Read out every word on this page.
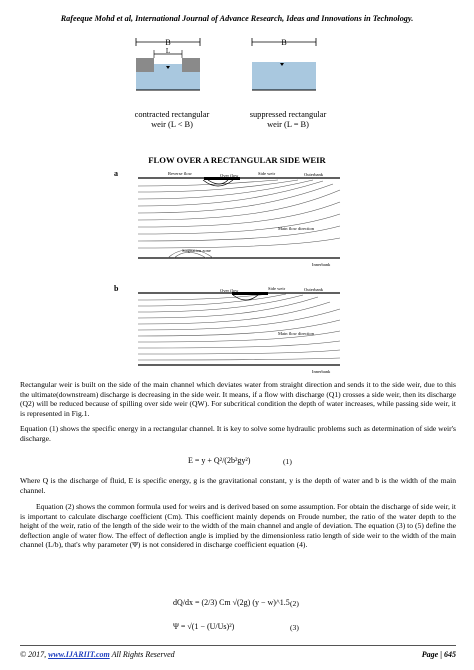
Rafeeque Mohd et al, International Journal of Advance Research, Ideas and Innovations in Technology.
B
L
B
contracted rectangular
weir (L < B)
suppressed rectangular
weir (L = B)
FLOW OVER A RECTANGULAR SIDE WEIR
a	Reverse flow	Over flow	Side weir	Outerbank
Main flow direction
Stagnation zone
Innerbank
b	Over flow	Side weir	Outerbank
Main flow direction
Innerbank

Rectangular weir is built on the side of the main channel which deviates water from straight direction and sends it to the side weir, due to this the ultimate(downstream) discharge is decreasing in the side weir. It means, if a flow with discharge (Q1) crosses a side weir, then its discharge (Q2) will be reduced because of spilling over side weir (QW). For subcritical condition the depth of water increases, while passing side weir, it is represented in Fig.1.

Equation (1) shows the specific energy in a rectangular channel. It is key to solve some hydraulic problems such as determination of side weir's discharge.

E = y + Q²/(2b²gy²)	(1)

Where Q is the discharge of fluid, E is specific energy, g is the gravitational constant, y is the depth of water and b is the width of the main channel.

Equation (2) shows the common formula used for weirs and is derived based on some assumption. For obtain the discharge of side weir, it is important to calculate discharge coefficient (Cm). This coefficient mainly depends on Froude number, the ratio of the water depth to the height of the weir, ratio of the length of the side weir to the width of the main channel and angle of deviation. The equation (3) to (5) define the deflection angle of water flow. The effect of deflection angle is implied by the dimensionless ratio length of side weir to the width of the main channel (L/b), that's why parameter (Ψ) is not considered in discharge coefficient equation (4).

dQ/dx = (2/3) Cm √(2g) (y − w)^1.5 (2)
Ψ = √(1 − (U/Us)²)	(3)
© 2017, www.IJARIIT.com All Rights Reserved	Page | 645
